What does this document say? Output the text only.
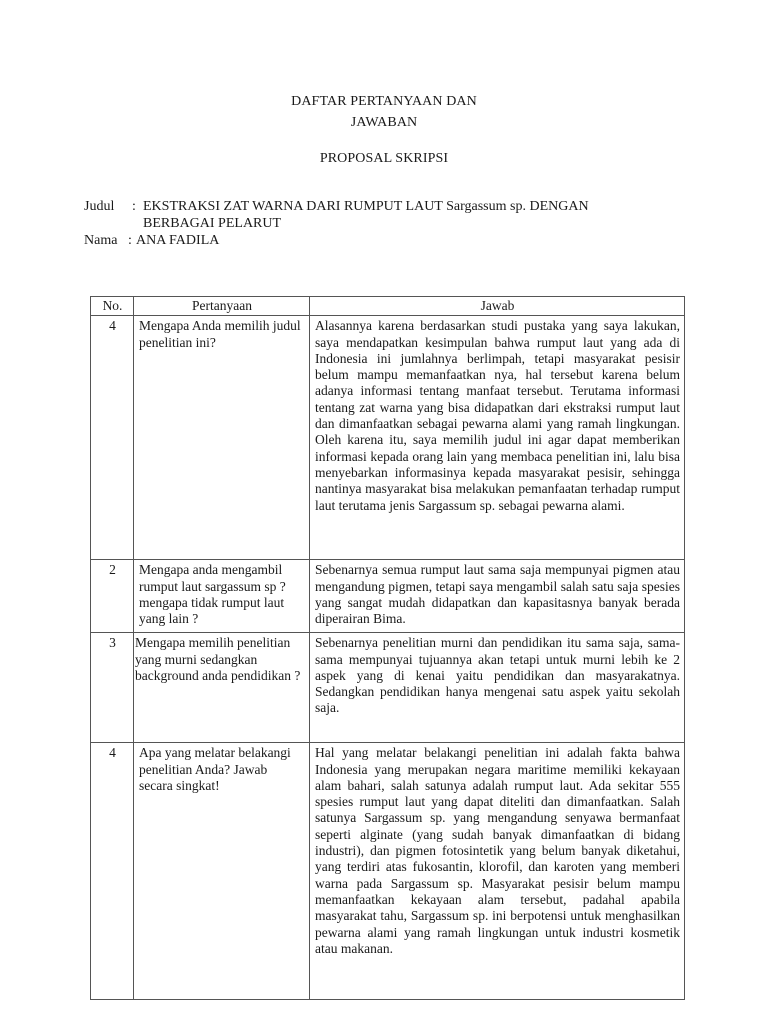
DAFTAR PERTANYAAN DAN
JAWABAN
PROPOSAL SKRIPSI
Judul : EKSTRAKSI ZAT WARNA DARI RUMPUT LAUT Sargassum sp. DENGAN
BERBAGAI PELARUT
Nama : ANA FADILA
No.	Pertanyaan	Jawab
4	Mengapa Anda memilih judul penelitian ini?	Alasannya karena berdasarkan studi pustaka yang saya lakukan, saya mendapatkan kesimpulan bahwa rumput laut yang ada di Indonesia ini jumlahnya berlimpah, tetapi masyarakat pesisir belum mampu memanfaatkan nya, hal tersebut karena belum adanya informasi tentang manfaat tersebut. Terutama informasi tentang zat warna yang bisa didapatkan dari ekstraksi rumput laut dan dimanfaatkan sebagai pewarna alami yang ramah lingkungan. Oleh karena itu, saya memilih judul ini agar dapat memberikan informasi kepada orang lain yang membaca penelitian ini, lalu bisa menyebarkan informasinya kepada masyarakat pesisir, sehingga nantinya masyarakat bisa melakukan pemanfaatan terhadap rumput laut terutama jenis Sargassum sp. sebagai pewarna alami.
2	Mengapa anda mengambil rumput laut sargassum sp ? mengapa tidak rumput laut yang lain ?	Sebenarnya semua rumput laut sama saja mempunyai pigmen atau mengandung pigmen, tetapi saya mengambil salah satu saja spesies yang sangat mudah didapatkan dan kapasitasnya banyak berada diperairan Bima.
3	Mengapa memilih penelitian yang murni sedangkan background anda pendidikan ?	Sebenarnya penelitian murni dan pendidikan itu sama saja, sama-sama mempunyai tujuannya akan tetapi untuk murni lebih ke 2 aspek yang di kenai yaitu pendidikan dan masyarakatnya. Sedangkan pendidikan hanya mengenai satu aspek yaitu sekolah saja.
4	Apa yang melatar belakangi penelitian Anda? Jawab secara singkat!	Hal yang melatar belakangi penelitian ini adalah fakta bahwa Indonesia yang merupakan negara maritime memiliki kekayaan alam bahari, salah satunya adalah rumput laut. Ada sekitar 555 spesies rumput laut yang dapat diteliti dan dimanfaatkan. Salah satunya Sargassum sp. yang mengandung senyawa bermanfaat seperti alginate (yang sudah banyak dimanfaatkan di bidang industri), dan pigmen fotosintetik yang belum banyak diketahui, yang terdiri atas fukosantin, klorofil, dan karoten yang memberi warna pada Sargassum sp. Masyarakat pesisir belum mampu memanfaatkan kekayaan alam tersebut, padahal apabila masyarakat tahu, Sargassum sp. ini berpotensi untuk menghasilkan pewarna alami yang ramah lingkungan untuk industri kosmetik atau makanan.
